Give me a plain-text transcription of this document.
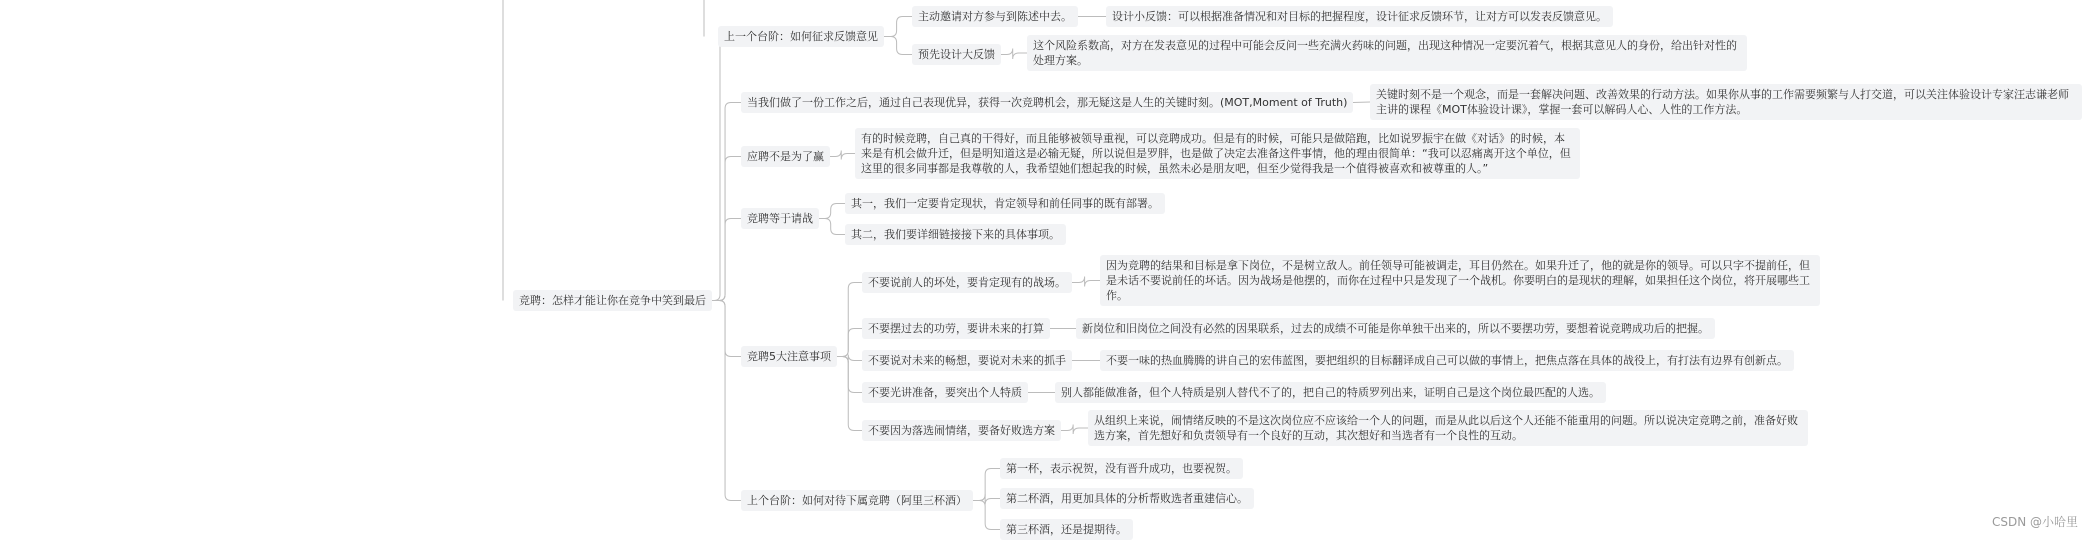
竞聘：怎样才能让你在竞争中笑到最后
上一个台阶：如何征求反馈意见
主动邀请对方参与到陈述中去。	设计小反馈：可以根据准备情况和对目标的把握程度，设计征求反馈环节，让对方可以发表反馈意见。
预先设计大反馈
这个风险系数高，对方在发表意见的过程中可能会反问一些充满火药味的问题，出现这种情况一定要沉着气，根据其意见人的身份，给出针对性的处理方案。
当我们做了一份工作之后，通过自己表现优异，获得一次竞聘机会，那无疑这是人生的关键时刻。(MOT,Moment of Truth)
关键时刻不是一个观念，而是一套解决问题、改善效果的行动方法。如果你从事的工作需要频繁与人打交道，可以关注体验设计专家汪志谦老师主讲的课程《MOT体验设计课》，掌握一套可以解码人心、人性的工作方法。
应聘不是为了赢
有的时候竞聘，自己真的干得好，而且能够被领导重视，可以竞聘成功。但是有的时候，可能只是做陪跑，比如说罗振宇在做《对话》的时候，本来是有机会做升迁，但是明知道这是必输无疑，所以说但是罗胖，也是做了决定去准备这件事情，他的理由很简单：“我可以忍痛离开这个单位，但这里的很多同事都是我尊敬的人，我希望她们想起我的时候，虽然未必是朋友吧，但至少觉得我是一个值得被喜欢和被尊重的人。”
竞聘等于请战
其一，我们一定要肯定现状，肯定领导和前任同事的既有部署。
其二，我们要详细链接接下来的具体事项。
竞聘5大注意事项
不要说前人的坏处，要肯定现有的战场。
因为竞聘的结果和目标是拿下岗位，不是树立敌人。前任领导可能被调走，耳目仍然在。如果升迁了，他的就是你的领导。可以只字不提前任，但是未话不要说前任的坏话。因为战场是他摆的，而你在过程中只是发现了一个战机。你要明白的是现状的理解，如果担任这个岗位，将开展哪些工作。
不要摆过去的功劳，要讲未来的打算	新岗位和旧岗位之间没有必然的因果联系，过去的成绩不可能是你单独干出来的，所以不要摆功劳，要想着说竞聘成功后的把握。
不要说对未来的畅想，要说对未来的抓手	不要一味的热血腾腾的讲自己的宏伟蓝图，要把组织的目标翻译成自己可以做的事情上，把焦点落在具体的战役上，有打法有边界有创新点。
不要光讲准备，要突出个人特质	别人都能做准备，但个人特质是别人替代不了的，把自己的特质罗列出来，证明自己是这个岗位最匹配的人选。
不要因为落选闹情绪，要备好败选方案
从组织上来说，闹情绪反映的不是这次岗位应不应该给一个人的问题，而是从此以后这个人还能不能重用的问题。所以说决定竞聘之前，准备好败选方案，首先想好和负责领导有一个良好的互动，其次想好和当选者有一个良性的互动。
上个台阶：如何对待下属竞聘（阿里三杯酒）
第一杯，表示祝贺，没有晋升成功，也要祝贺。
第二杯酒，用更加具体的分析帮败选者重建信心。
第三杯酒，还是提期待。
CSDN @小哈里
